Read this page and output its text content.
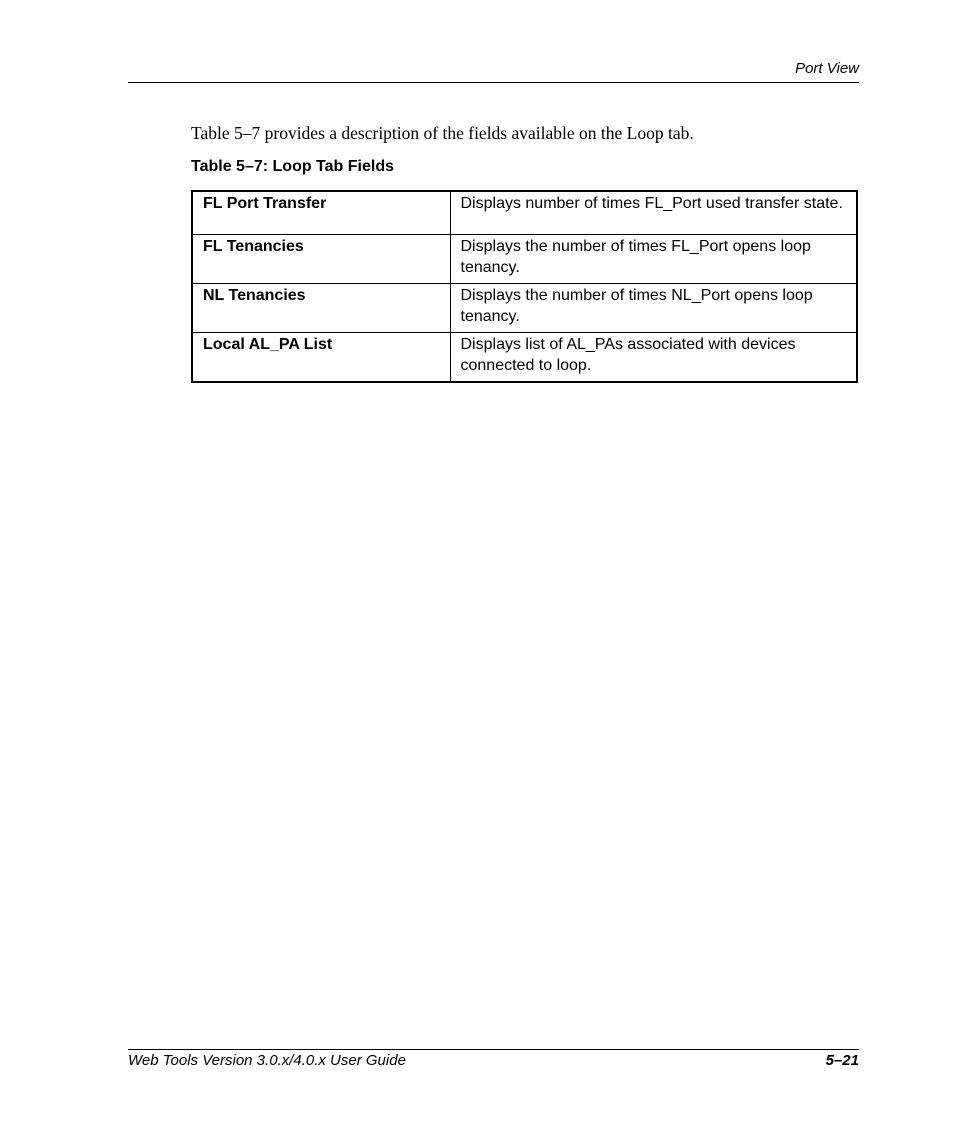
Port View

Table 5–7 provides a description of the fields available on the Loop tab.

Table 5–7: Loop Tab Fields

FL Port Transfer	Displays number of times FL_Port used transfer state.
FL Tenancies	Displays the number of times FL_Port opens loop tenancy.
NL Tenancies	Displays the number of times NL_Port opens loop tenancy.
Local AL_PA List	Displays list of AL_PAs associated with devices connected to loop.
Web Tools Version 3.0.x/4.0.x User Guide	5–21
